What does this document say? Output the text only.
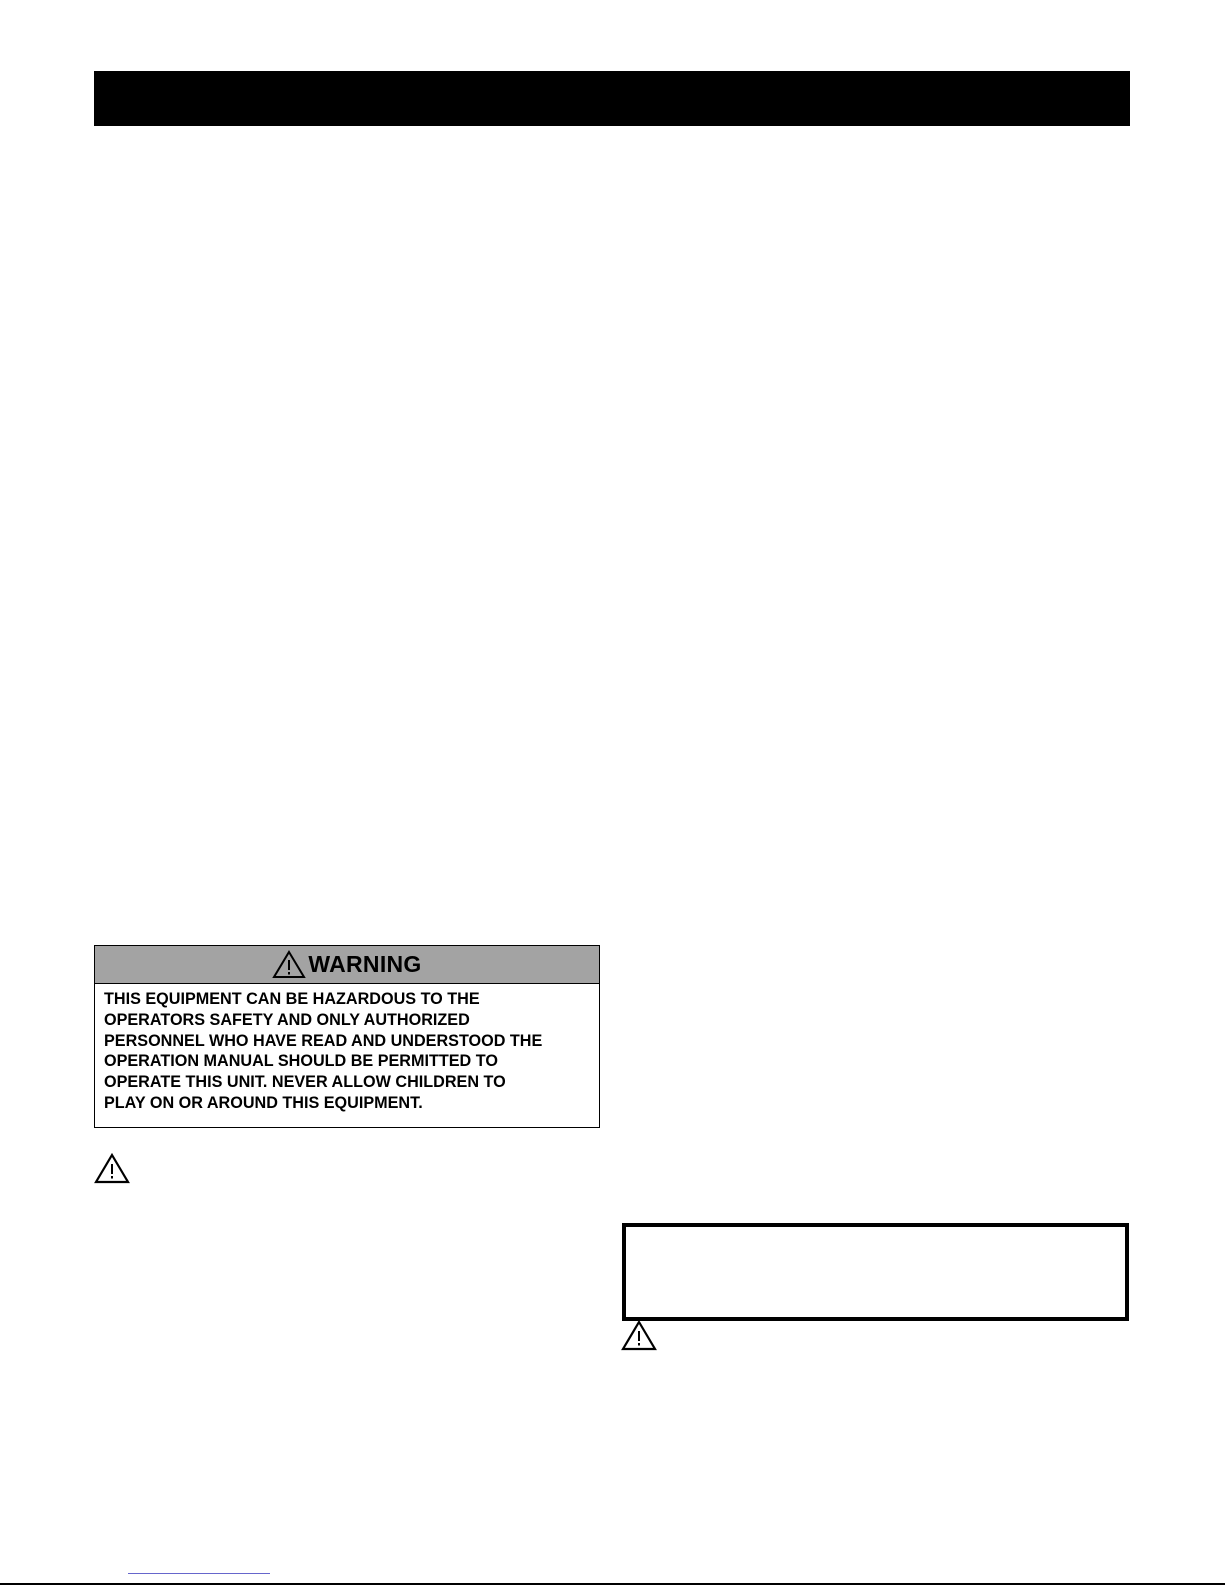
WARNING
THIS EQUIPMENT CAN BE HAZARDOUS TO THE
OPERATORS SAFETY AND ONLY AUTHORIZED
PERSONNEL WHO HAVE READ AND UNDERSTOOD THE
OPERATION MANUAL SHOULD BE PERMITTED TO
OPERATE THIS UNIT. NEVER ALLOW CHILDREN TO
PLAY ON OR AROUND THIS EQUIPMENT.
